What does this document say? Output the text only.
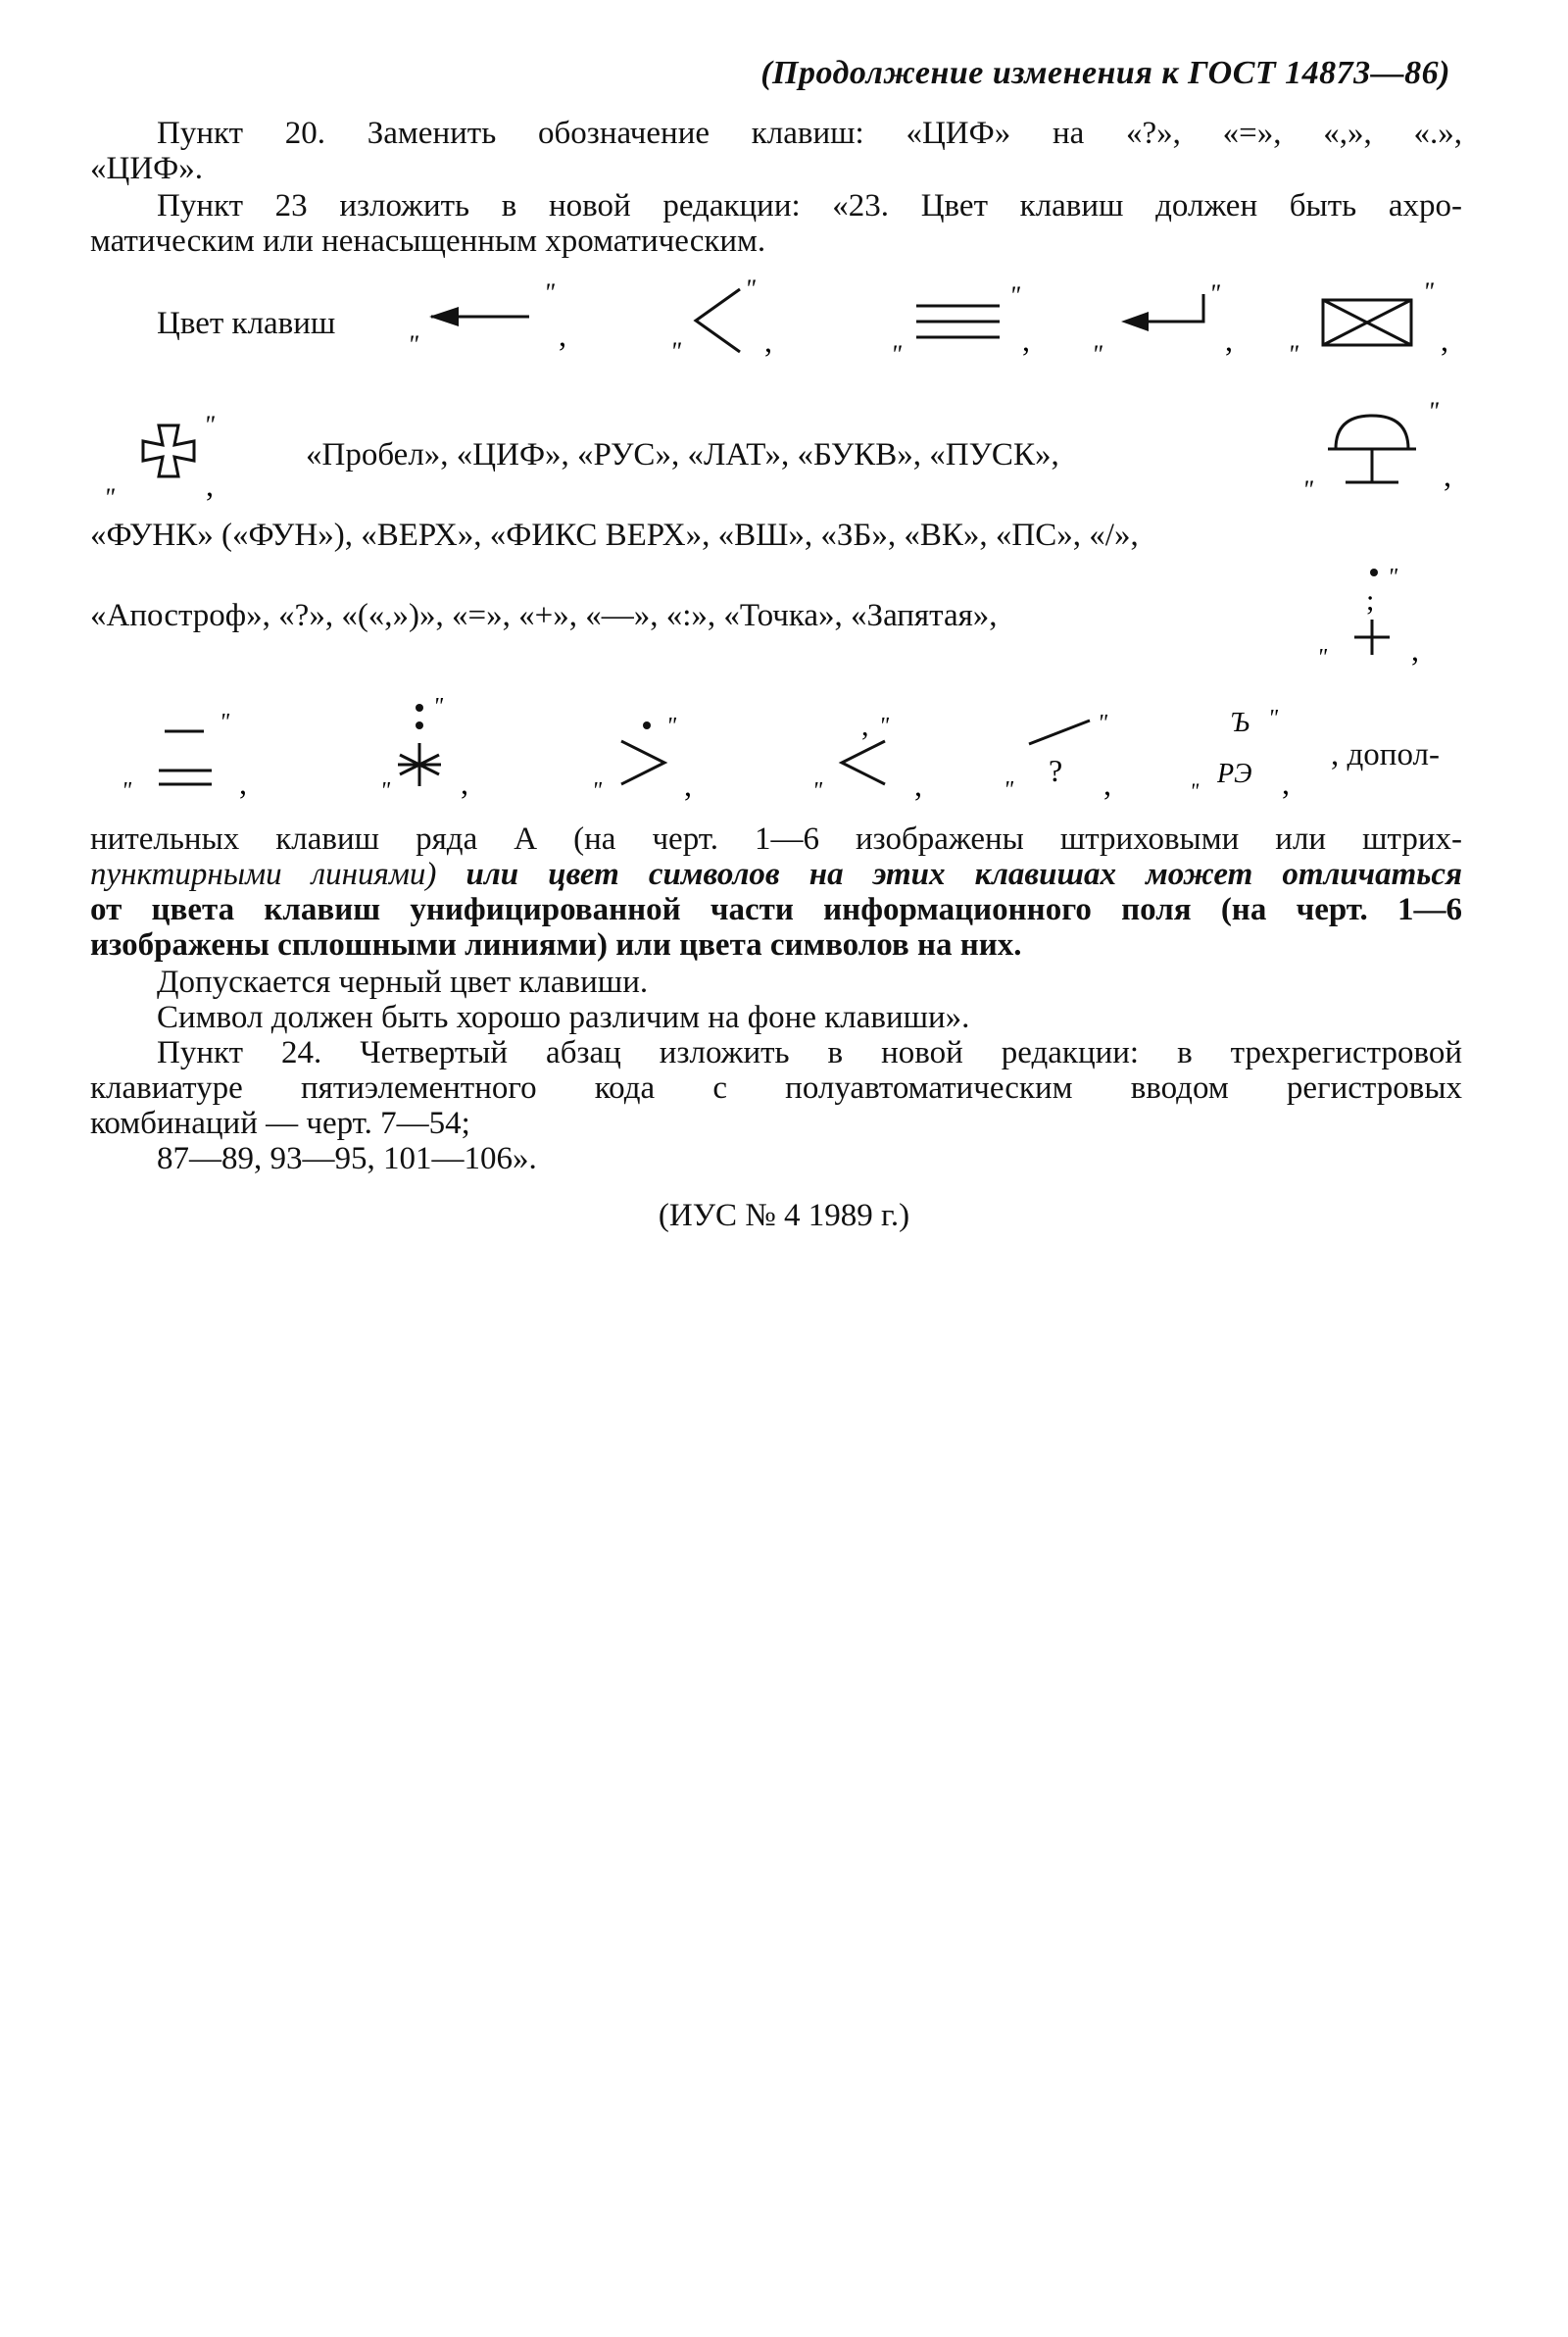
(Продолжение изменения к ГОСТ 14873—86)

Пункт 20. Заменить обозначение клавиш: «ЦИФ» на «?», «=», «,», «.»,

«ЦИФ».

Пункт 23 изложить в новой редакции: «23. Цвет клавиш должен быть ахро-

матическим или ненасыщенным хроматическим.

Цвет клавиш
"
"
,	"
"
,	"
"
, "
"
, "
"
,
"
"
,
«Пробел», «ЦИФ», «РУС», «ЛАТ», «БУКВ», «ПУСК»,
"
"
,
«ФУНК» («ФУН»), «ВЕРХ», «ФИКС ВЕРХ», «ВШ», «ЗБ», «ВК», «ПС», «/»,
«Апостроф», «?», «(«,»)», «=», «+», «—», «:», «Точка», «Запятая»,
"
;
"	,
"
"	,
"
" ,
"
"	,
, "
"	,
"
?
"	,
Ъ "
РЭ
"	,
, допол-

нительных клавиш ряда А (на черт. 1—6 изображены штриховыми или штрих-

пунктирными линиями) или цвет символов на этих клавишах может отличаться

от цвета клавиш унифицированной части информационного поля (на черт. 1—6

изображены сплошными линиями) или цвета символов на них.

Допускается черный цвет клавиши.

Символ должен быть хорошо различим на фоне клавиши».

Пункт 24. Четвертый абзац изложить в новой редакции: в трехрегистровой

клавиатуре пятиэлементного кода с полуавтоматическим вводом регистровых

комбинаций — черт. 7—54;

87—89, 93—95, 101—106».

(ИУС № 4 1989 г.)
